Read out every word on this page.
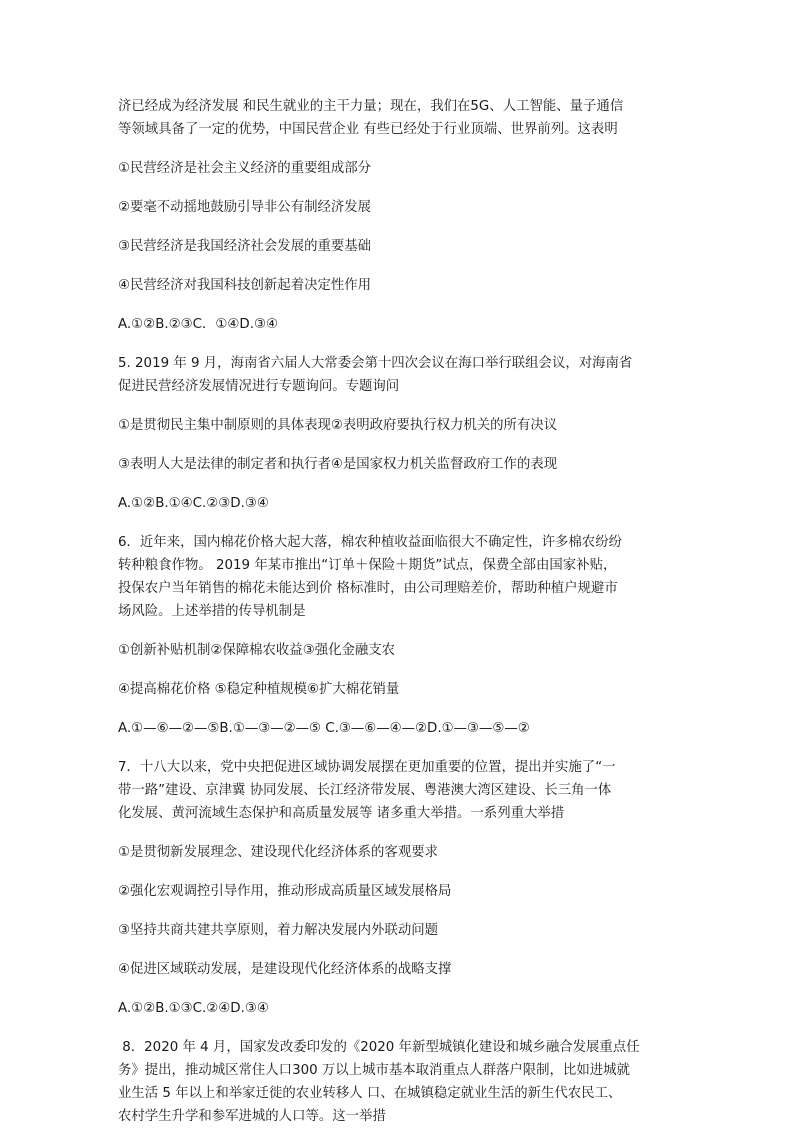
济已经成为经济发展 和民生就业的主干力量；现在，我们在5G、人工智能、量子通信

等领域具备了一定的优势，中国民营企业 有些已经处于行业顶端、世界前列。这表明

①民营经济是社会主义经济的重要组成部分

②要毫不动摇地鼓励引导非公有制经济发展

③民营经济是我国经济社会发展的重要基础

④民营经济对我国科技创新起着决定性作用

A.①②B.②③C．①④D.③④

5. 2019 年 9 月，海南省六届人大常委会第十四次会议在海口举行联组会议，对海南省

促进民营经济发展情况进行专题询问。专题询问

①是贯彻民主集中制原则的具体表现②表明政府要执行权力机关的所有决议

③表明人大是法律的制定者和执行者④是国家权力机关监督政府工作的表现

A.①②B.①④C.②③D.③④

6．近年来，国内棉花价格大起大落，棉农种植收益面临很大不确定性，许多棉农纷纷

转种粮食作物。 2019 年某市推出“订单＋保险＋期货”试点，保费全部由国家补贴，

投保农户当年销售的棉花未能达到价 格标准时，由公司理赔差价，帮助种植户规避市

场风险。上述举措的传导机制是

①创新补贴机制②保障棉农收益③强化金融支农

④提高棉花价格 ⑤稳定种植规模⑥扩大棉花销量

A.①—⑥—②—⑤B.①—③—②—⑤ C.③—⑥—④—②D.①—③—⑤—②

7．十八大以来，党中央把促进区域协调发展摆在更加重要的位置，提出并实施了“一

带一路”建设、京津冀 协同发展、长江经济带发展、粤港澳大湾区建设、长三角一体

化发展、黄河流域生态保护和高质量发展等 诸多重大举措。一系列重大举措

①是贯彻新发展理念、建设现代化经济体系的客观要求

②强化宏观调控引导作用，推动形成高质量区域发展格局

③坚持共商共建共享原则，着力解决发展内外联动问题

④促进区域联动发展，是建设现代化经济体系的战略支撑

A.①②B.①③C.②④D.③④

8．2020 年 4 月，国家发改委印发的《2020 年新型城镇化建设和城乡融合发展重点任

务》提出，推动城区常住人口300 万以上城市基本取消重点人群落户限制，比如进城就

业生活 5 年以上和举家迁徙的农业转移人 口、在城镇稳定就业生活的新生代农民工、

农村学生升学和参军进城的人口等。这一举措
